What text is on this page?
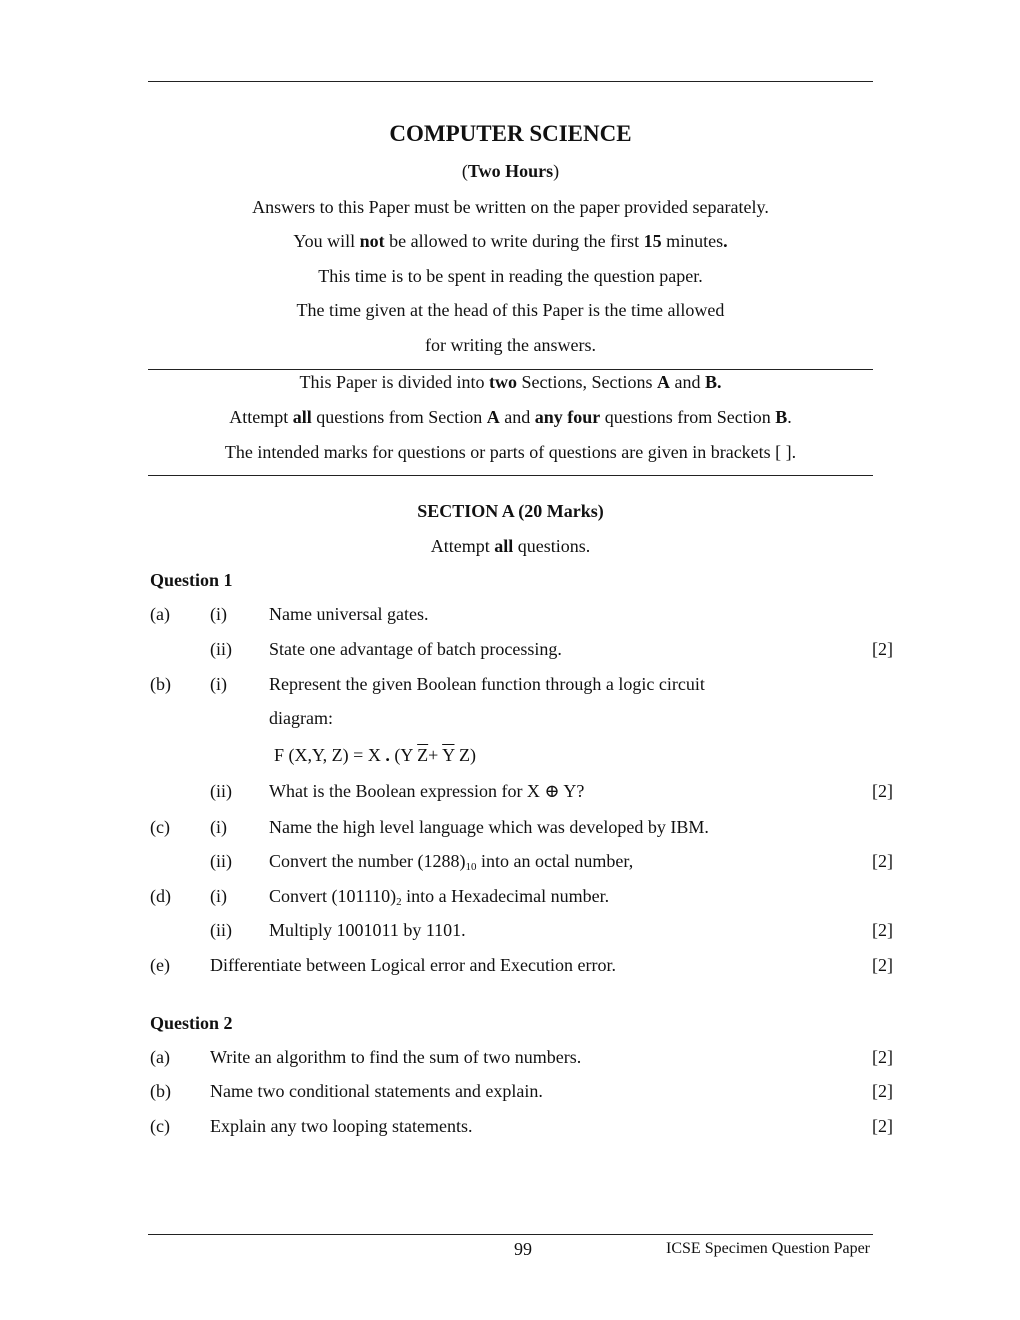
COMPUTER SCIENCE
(Two Hours)
Answers to this Paper must be written on the paper provided separately.
You will not be allowed to write during the first 15 minutes.
This time is to be spent in reading the question paper.
The time given at the head of this Paper is the time allowed
for writing the answers.
This Paper is divided into two Sections, Sections A and B.
Attempt all questions from Section A and any four questions from Section B.
The intended marks for questions or parts of questions are given in brackets [ ].
SECTION A (20 Marks)
Attempt all questions.
Question 1
(a) (i) Name universal gates.
(ii) State one advantage of batch processing.	[2]
(b) (i) Represent the given Boolean function through a logic circuit
diagram:
F (X,Y, Z) = X . (Y $\overline{Z}+ \overline{Y}$ Z)
(ii) What is the Boolean expression for X ⊕ Y?	[2]
(c) (i) Name the high level language which was developed by IBM.
(ii) Convert the number $(1288)_{10}$ into an octal number,	[2]
(d) (i) Convert $(101110)_2$ into a Hexadecimal number.
(ii) Multiply 1001011 by 1101.	[2]
(e) Differentiate between Logical error and Execution error.	[2]
Question 2
(a) Write an algorithm to find the sum of two numbers.	[2]
(b) Name two conditional statements and explain.	[2]
(c) Explain any two looping statements.	[2]
99	ICSE Specimen Question Paper
